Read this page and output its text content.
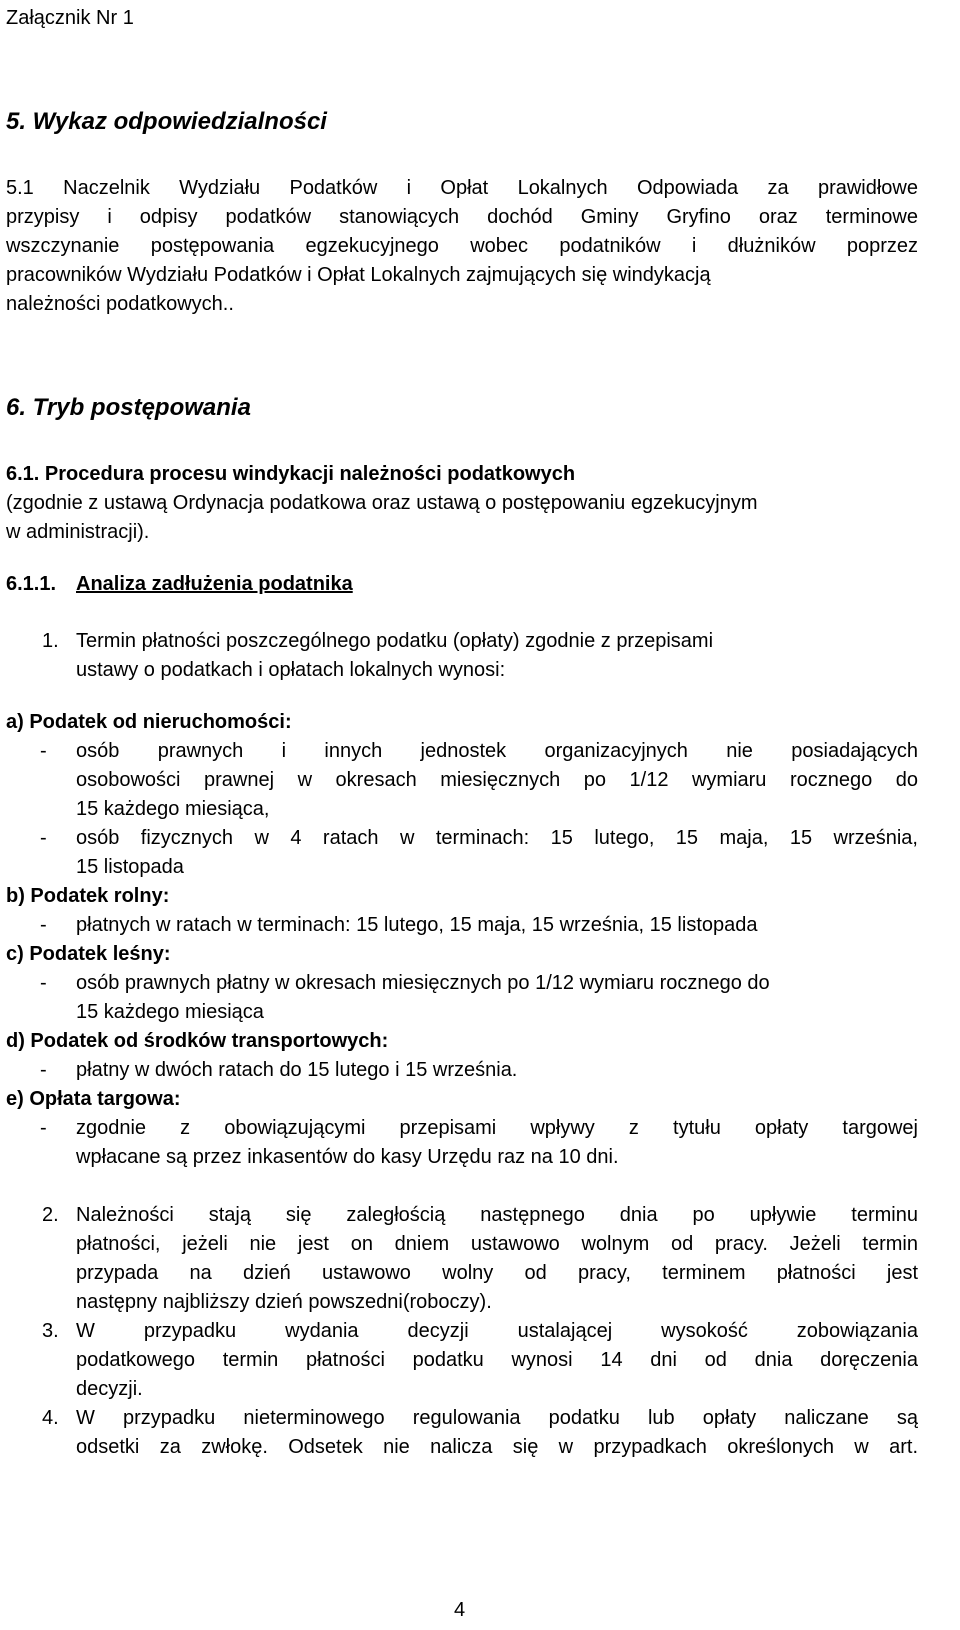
Załącznik Nr 1
5. Wykaz odpowiedzialności
5.1 Naczelnik Wydziału Podatków i Opłat Lokalnych Odpowiada za prawidłowe
przypisy i odpisy podatków stanowiących dochód Gminy Gryfino oraz terminowe
wszczynanie postępowania egzekucyjnego wobec podatników i dłużników poprzez
pracowników Wydziału Podatków i Opłat Lokalnych zajmujących się windykacją
należności podatkowych..
6. Tryb postępowania
6.1. Procedura procesu windykacji należności podatkowych
(zgodnie z ustawą Ordynacja podatkowa oraz ustawą o postępowaniu egzekucyjnym
w administracji).
6.1.1. Analiza zadłużenia podatnika
1. Termin płatności poszczególnego podatku (opłaty) zgodnie z przepisami
ustawy o podatkach i opłatach lokalnych wynosi:
a) Podatek od nieruchomości:
- osób prawnych i innych jednostek organizacyjnych nie posiadających
osobowości prawnej w okresach miesięcznych po 1/12 wymiaru rocznego do
15 każdego miesiąca,
- osób fizycznych w 4 ratach w terminach: 15 lutego, 15 maja, 15 września,
15 listopada
b) Podatek rolny:
- płatnych w ratach w terminach: 15 lutego, 15 maja, 15 września, 15 listopada
c) Podatek leśny:
- osób prawnych płatny w okresach miesięcznych po 1/12 wymiaru rocznego do
15 każdego miesiąca
d) Podatek od środków transportowych:
- płatny w dwóch ratach do 15 lutego i 15 września.
e) Opłata targowa:
- zgodnie z obowiązującymi przepisami wpływy z tytułu opłaty targowej
wpłacane są przez inkasentów do kasy Urzędu raz na 10 dni.
2. Należności stają się zaległością następnego dnia po upływie terminu
płatności, jeżeli nie jest on dniem ustawowo wolnym od pracy. Jeżeli termin
przypada na dzień ustawowo wolny od pracy, terminem płatności jest
następny najbliższy dzień powszedni(roboczy).
3. W przypadku wydania decyzji ustalającej wysokość zobowiązania
podatkowego termin płatności podatku wynosi 14 dni od dnia doręczenia
decyzji.
4. W przypadku nieterminowego regulowania podatku lub opłaty naliczane są
odsetki za zwłokę. Odsetek nie nalicza się w przypadkach określonych w art.
4
